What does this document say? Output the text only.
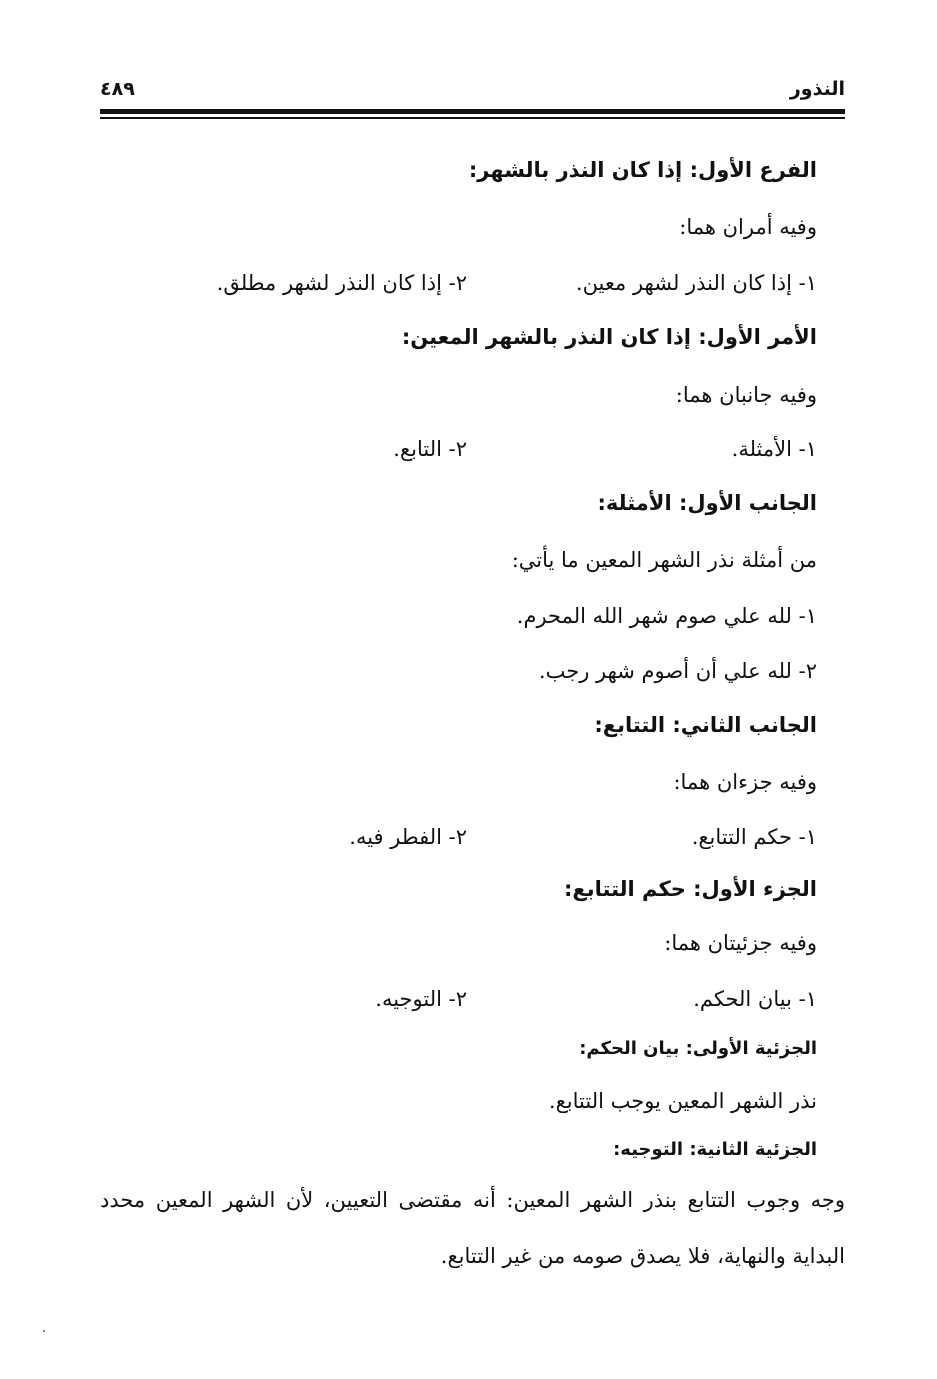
النذور
٤٨٩
الفرع الأول: إذا كان النذر بالشهر:
وفيه أمران هما:
١- إذا كان النذر لشهر معين.
٢- إذا كان النذر لشهر مطلق.
الأمر الأول: إذا كان النذر بالشهر المعين:
وفيه جانبان هما:
١- الأمثلة.
٢- التابع.
الجانب الأول: الأمثلة:
من أمثلة نذر الشهر المعين ما يأتي:
١- لله علي صوم شهر الله المحرم.
٢- لله علي أن أصوم شهر رجب.
الجانب الثاني: التتابع:
وفيه جزءان هما:
١- حكم التتابع.
٢- الفطر فيه.
الجزء الأول: حكم التتابع:
وفيه جزئيتان هما:
١- بيان الحكم.
٢- التوجيه.
الجزئية الأولى: بيان الحكم:
نذر الشهر المعين يوجب التتابع.
الجزئية الثانية: التوجيه:
وجه وجوب التتابع بنذر الشهر المعين: أنه مقتضى التعيين، لأن الشهر المعين محدد البداية والنهاية، فلا يصدق صومه من غير التتابع.
